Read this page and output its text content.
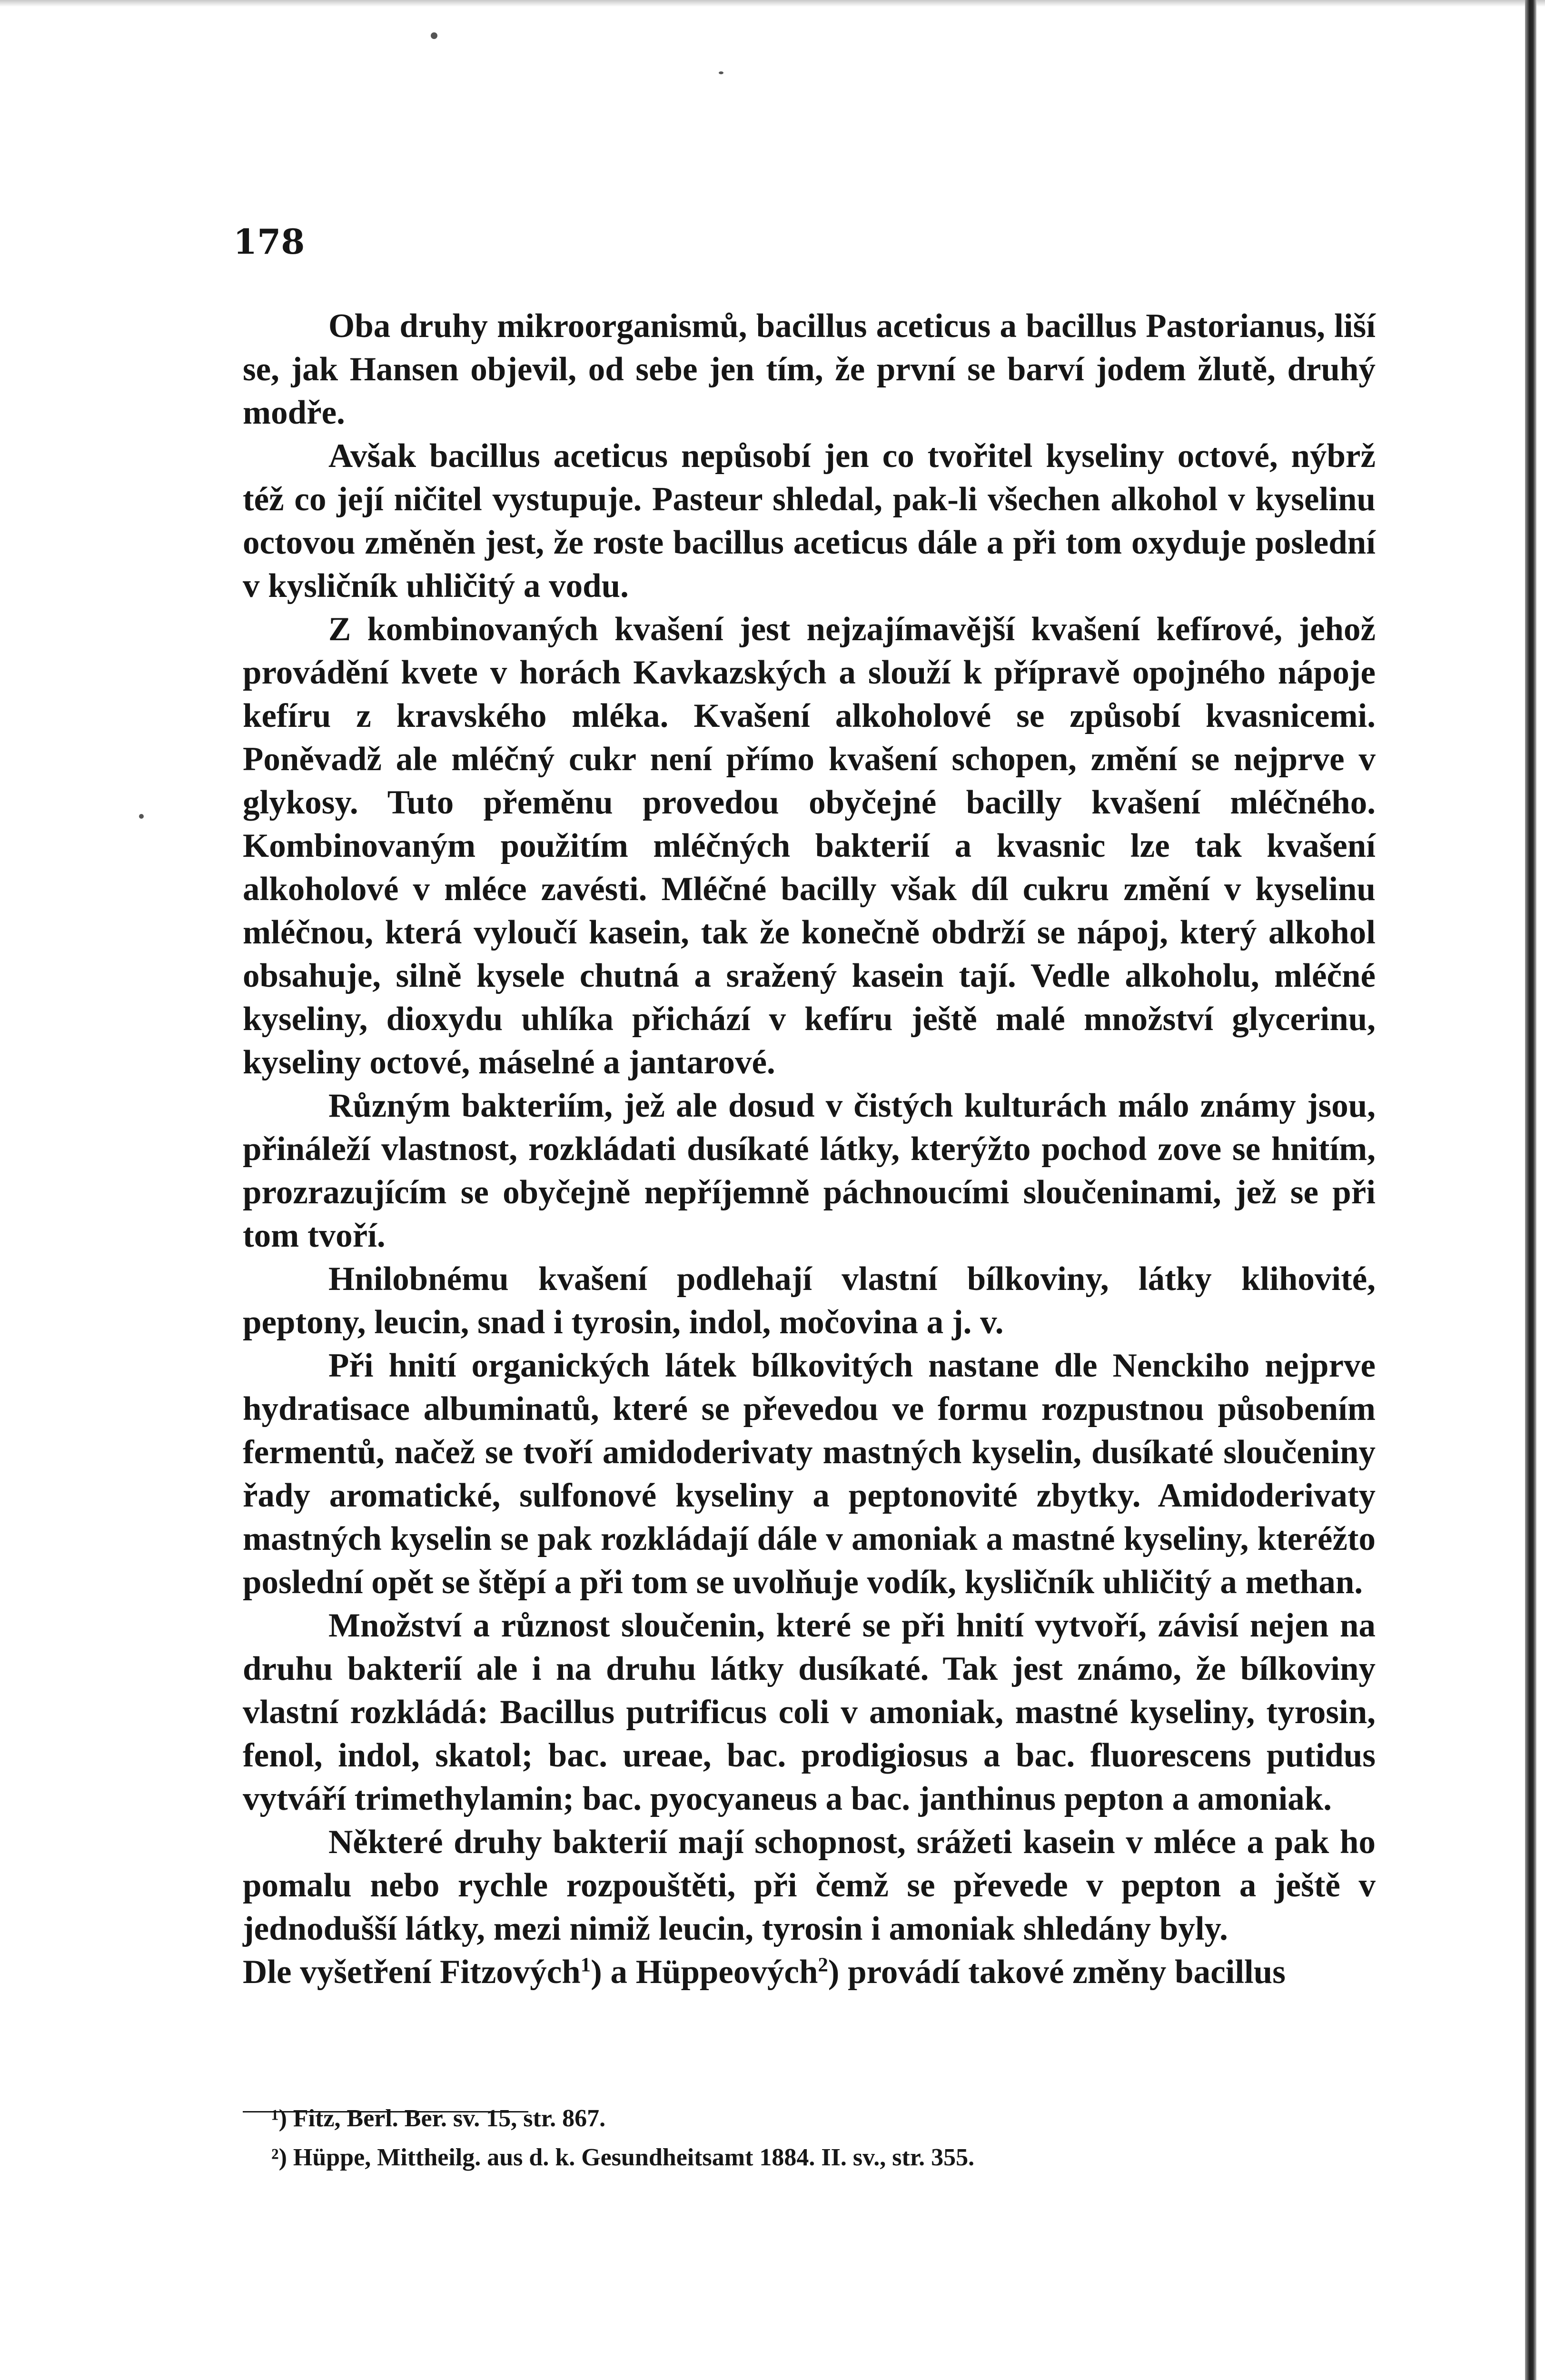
178

Oba druhy mikroorganismů, bacillus aceticus a bacillus Pastorianus, liší se, jak Hansen objevil, od sebe jen tím, že první se barví jodem žlutě, druhý modře.

Avšak bacillus aceticus nepůsobí jen co tvořitel kyseliny octové, nýbrž též co její ničitel vystupuje. Pasteur shledal, pak-li všechen alkohol v kyselinu octovou změněn jest, že roste bacillus aceticus dále a při tom oxyduje poslední v kysličník uhličitý a vodu.

Z kombinovaných kvašení jest nejzajímavější kvašení kefírové, jehož provádění kvete v horách Kavkazských a slouží k přípravě opojného nápoje kefíru z kravského mléka. Kvašení alkoholové se způsobí kvasnicemi. Poněvadž ale mléčný cukr není přímo kvašení schopen, změní se nejprve v glykosy. Tuto přeměnu provedou obyčejné bacilly kvašení mléčného. Kombinovaným použitím mléčných bakterií a kvasnic lze tak kvašení alkoholové v mléce zavésti. Mléčné bacilly však díl cukru změní v kyselinu mléčnou, která vyloučí kasein, tak že konečně obdrží se nápoj, který alkohol obsahuje, silně kysele chutná a sražený kasein tají. Vedle alkoholu, mléčné kyseliny, dioxydu uhlíka přichází v kefíru ještě malé množství glycerinu, kyseliny octové, máselné a jantarové.

Různým bakteriím, jež ale dosud v čistých kulturách málo známy jsou, přináleží vlastnost, rozkládati dusíkaté látky, kterýžto pochod zove se hnitím, prozrazujícím se obyčejně nepříjemně páchnoucími sloučeninami, jež se při tom tvoří.

Hnilobnému kvašení podlehají vlastní bílkoviny, látky klihovité, peptony, leucin, snad i tyrosin, indol, močovina a j. v.

Při hnití organických látek bílkovitých nastane dle Nenckiho nejprve hydratisace albuminatů, které se převedou ve formu rozpustnou působením fermentů, načež se tvoří amidoderivaty mastných kyselin, dusíkaté sloučeniny řady aromatické, sulfonové kyseliny a peptonovité zbytky. Amidoderivaty mastných kyselin se pak rozkládají dále v amoniak a mastné kyseliny, kteréžto poslední opět se štěpí a při tom se uvolňuje vodík, kysličník uhličitý a methan.

Množství a různost sloučenin, které se při hnití vytvoří, závisí nejen na druhu bakterií ale i na druhu látky dusíkaté. Tak jest známo, že bílkoviny vlastní rozkládá: Bacillus putrificus coli v amoniak, mastné kyseliny, tyrosin, fenol, indol, skatol; bac. ureae, bac. prodigiosus a bac. fluorescens putidus vytváří trimethylamin; bac. pyocyaneus a bac. janthinus pepton a amoniak.

Některé druhy bakterií mají schopnost, srážeti kasein v mléce a pak ho pomalu nebo rychle rozpouštěti, při čemž se převede v pepton a ještě v jednodušší látky, mezi nimiž leucin, tyrosin i amoniak shledány byly.

Dle vyšetření Fitzových$^1$) a Hüppeových$^2$) provádí takové změny bacillus

¹) Fitz, Berl. Ber. sv. 15, str. 867.
²) Hüppe, Mittheilg. aus d. k. Gesundheitsamt 1884. II. sv., str. 355.
